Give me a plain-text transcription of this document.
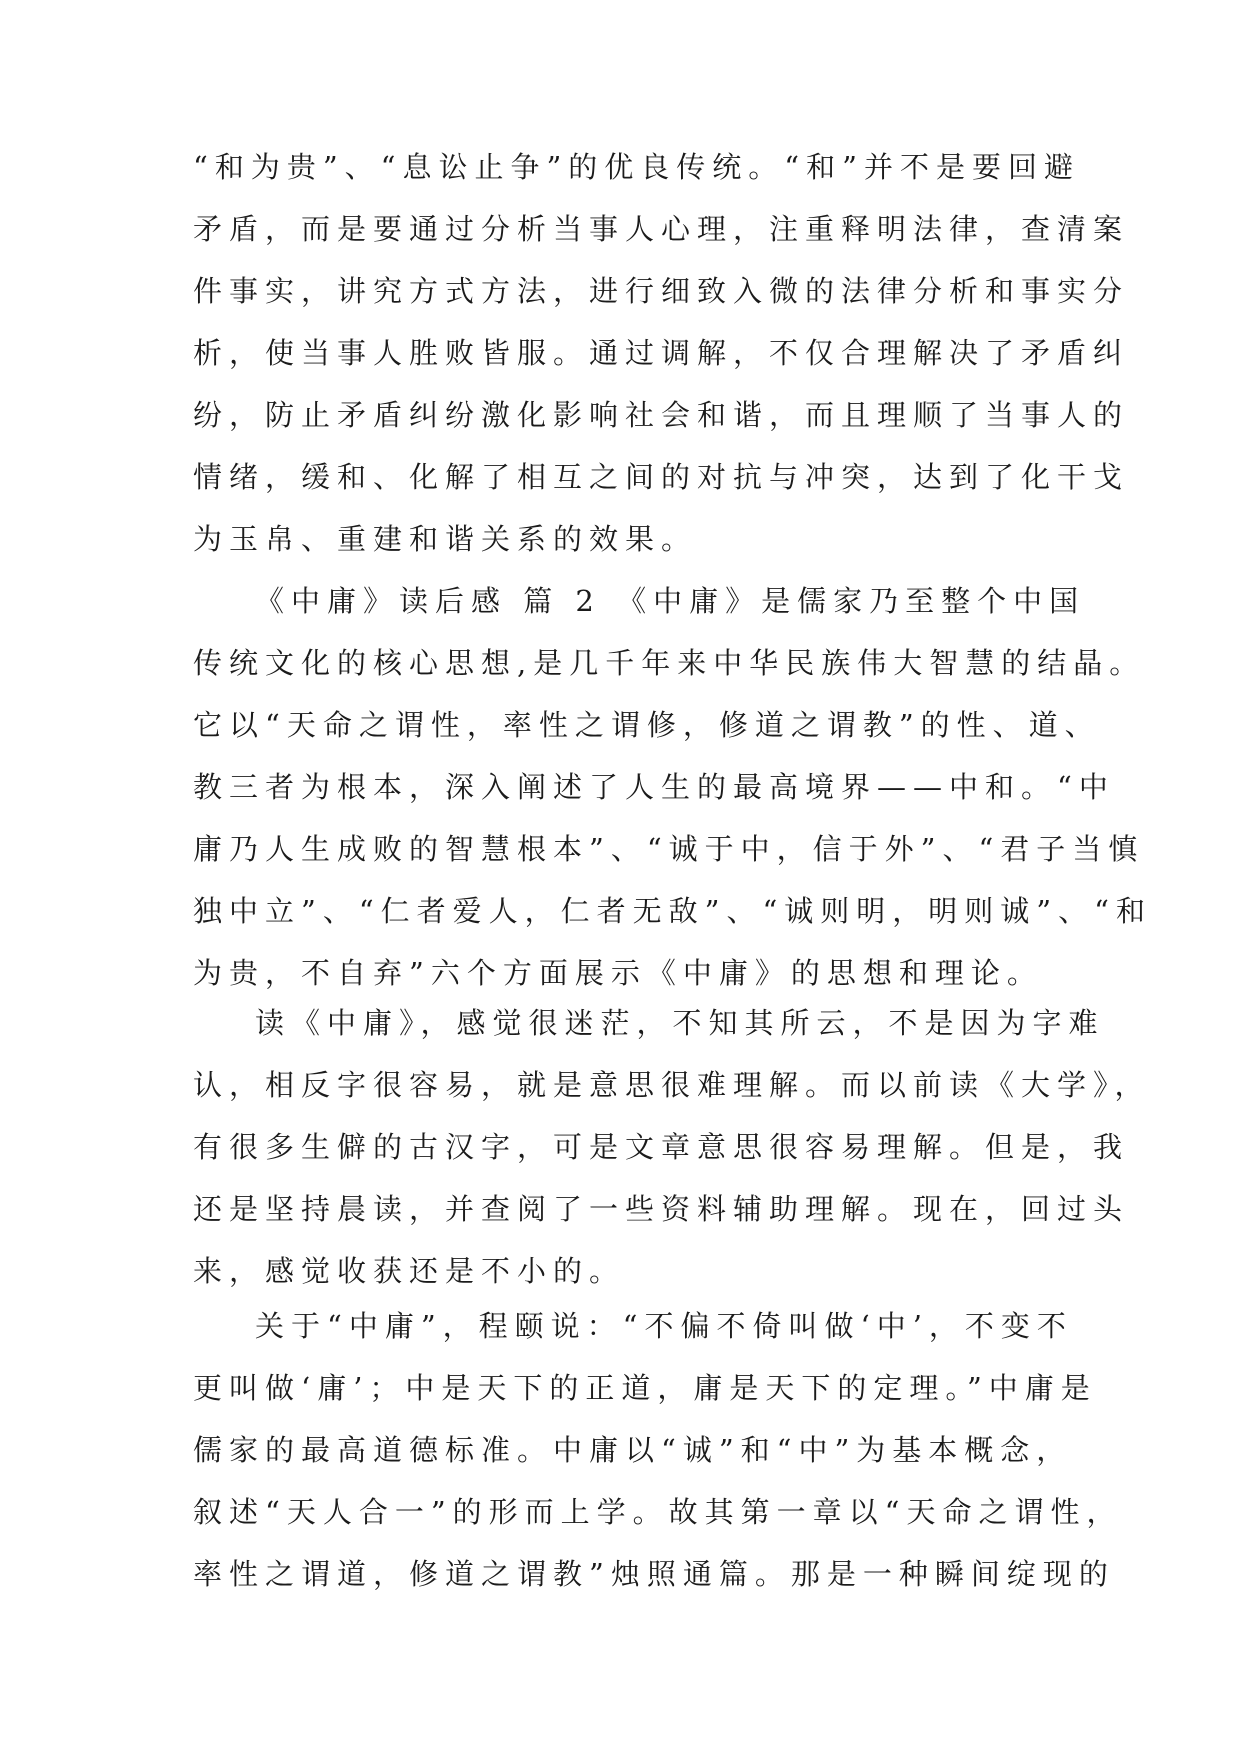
“和为贵”、“息讼止争”的优良传统。“和”并不是要回避
矛盾，而是要通过分析当事人心理，注重释明法律，查清案
件事实，讲究方式方法，进行细致入微的法律分析和事实分
析，使当事人胜败皆服。通过调解，不仅合理解决了矛盾纠
纷，防止矛盾纠纷激化影响社会和谐，而且理顺了当事人的
情绪，缓和、化解了相互之间的对抗与冲突，达到了化干戈
为玉帛、重建和谐关系的效果。
《中庸》读后感 篇 2 《中庸》是儒家乃至整个中国
传统文化的核心思想,是几千年来中华民族伟大智慧的结晶。
它以“天命之谓性，率性之谓修，修道之谓教”的性、道、
教三者为根本，深入阐述了人生的最高境界——中和。“中
庸乃人生成败的智慧根本”、“诚于中，信于外”、“君子当慎
独中立”、“仁者爱人，仁者无敌”、“诚则明，明则诚”、“和
为贵，不自弃”六个方面展示《中庸》的思想和理论。
读《中庸》，感觉很迷茫，不知其所云，不是因为字难
认，相反字很容易，就是意思很难理解。而以前读《大学》，
有很多生僻的古汉字，可是文章意思很容易理解。但是，我
还是坚持晨读，并查阅了一些资料辅助理解。现在，回过头
来，感觉收获还是不小的。
关于“中庸”，程颐说：“不偏不倚叫做‘中’，不变不
更叫做‘庸’；中是天下的正道，庸是天下的定理。”中庸是
儒家的最高道德标准。中庸以“诚”和“中”为基本概念，
叙述“天人合一”的形而上学。故其第一章以“天命之谓性，
率性之谓道，修道之谓教”烛照通篇。那是一种瞬间绽现的
